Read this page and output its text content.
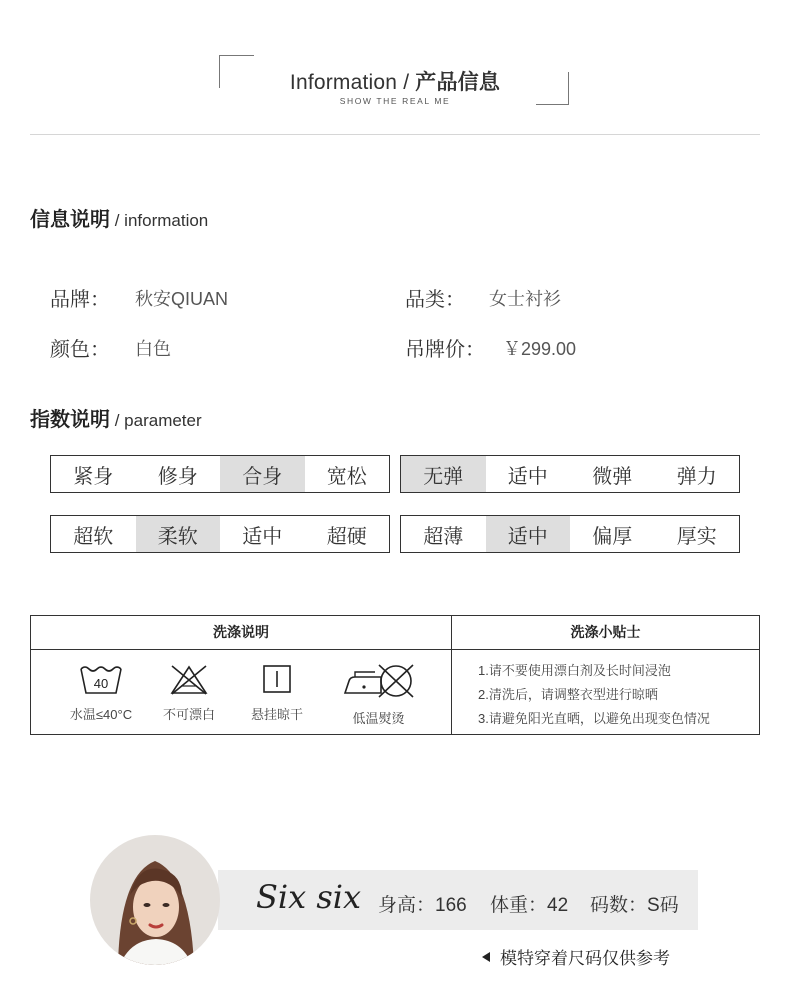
Information / 产品信息
SHOW THE REAL ME
信息说明 / information
品牌： 秋安QIUAN	品类： 女士衬衫
颜色： 白色	吊牌价： ￥299.00
指数说明 / parameter
紧身	修身	合身	宽松	无弹	适中	微弹	弹力
超软	柔软	适中	超硬	超薄	适中	偏厚	厚实
洗涤说明	洗涤小贴士
40
水温≤40°C	不可漂白	悬挂晾干	低温熨烫
1.请不要使用漂白剂及长时间浸泡
2.清洗后，请调整衣型进行晾晒
3.请避免阳光直晒，以避免出现变色情况
Six six 身高：166 体重：42 码数：S码
模特穿着尺码仅供参考
